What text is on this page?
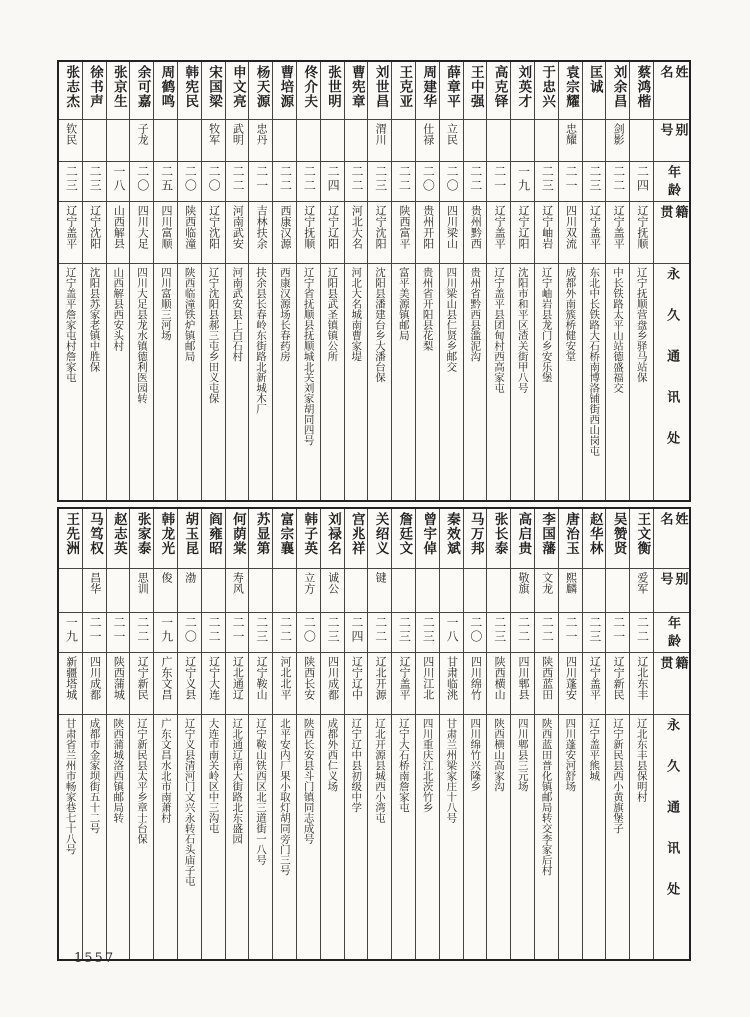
姓名
别号
年龄
籍贯
永久通讯处
蔡鸿楷
二四
辽宁抚顺
辽宁抚顺营盘乡驿马站保
刘余昌
剑影
二二
辽宁盖平
中长铁路太平山站德盛福交
匡诚
二三
辽宁盖平
东北中长铁路大石桥南博洛铺街西山岗屯
袁宗耀
忠耀
二一
四川双流
成都外南簇桥健安堂
于忠兴
二三
辽宁岫岩
辽宁岫岩县龙门乡安乐堡
刘英才
一九
辽宁辽阳
沈阳市和平区渣关街甲八号
高克铎
二一
辽宁盖平
辽宁盖平县团甸村西高家屯
王中强
二二
贵州黔西
贵州省黔西县滥泥沟
薛章平
立民
二〇
四川梁山
四川梁山县仁贤乡邮交
周建华
仕禄
二〇
贵州开阳
贵州省开阳县花梨
王克亚
二二
陕西富平
富平美源镇邮局
刘世昌
渭川
二三
辽宁沈阳
沈阳县潘建台乡大潘台保
曹宪章
二二
河北大名
河北大名城南曹家堤
张世明
二四
辽宁辽阳
辽阳县武圣镇镇公所
佟介夫
二二
辽宁抚顺
辽宁省抚顺县抚顺城北关刘家胡同四号
曹培源
二二
西康汉源
西康汉源场长春药房
杨天源
忠丹
二一
吉林扶余
扶余县长春岭东街路北新城木厂
申文亮
武明
二二
河南武安
河南武安县上白石村
宋国梁
牧军
二〇
辽宁沈阳
辽宁沈阳县郝三屯乡田义屯保
韩宪民
二〇
陕西临潼
陕西临潼铁炉镇邮局
周鹤鸣
二五
四川富顺
四川富顺三河场
余可嘉
子龙
二〇
四川大足
四川大足县龙水镇德利医园转
张京生
一八
山西解县
山西解县西安头村
徐书声
二三
辽宁沈阳
沈阳县苏家老镇中胜保
张志杰
钦民
二三
辽宁盖平
辽宁盖平詹家屯村詹家屯
姓名
别号
年龄
籍贯
永久通讯处
王文衡
爱军
二二
辽北东丰
辽北东丰县保明村
吴赞贤
二一
辽宁新民
辽宁新民县西小黄旗堡子
赵华林
二三
辽宁盖平
辽宁盖平熊城
唐治玉
熙麟
二一
四川蓬安
四川蓬安河舒场
李国藩
文龙
二二
陕西蓝田
陕西蓝田普化镇邮局转交李家后村
高启贵
敬旗
二二
四川郫县
四川郫县三元场
张长泰
二三
陕西横山
陕西横山高家沟
马万邦
二〇
四川绵竹
四川绵竹兴隆乡
秦效斌
一八
甘肃临洮
甘肃兰州梁家庄十八号
曾宇倬
二三
四川江北
四川重庆江北茨竹乡
詹廷文
二三
辽宁盖平
辽宁大石桥南詹家屯
关绍义
键
二二
辽北开源
辽北开源县城西小湾屯
宫兆祥
二四
辽宁辽中
辽宁辽中县初级中学
刘禄名
诚公
二三
四川成都
成都外西仁义场
韩子英
立方
二〇
陕西长安
陕西长安县斗门镇同志成号
富宗襄
二二
河北北平
北平安内厂果小取灯胡同旁门三号
苏显第
二三
辽宁鞍山
辽宁鞍山铁西区北三道街一八号
何荫棠
寿风
二一
辽北通辽
辽北通辽南大街路北东盛园
阎雍昭
二二
辽宁大连
大连市南关岭区中三沟屯
胡玉昆
渤
二〇
辽宁义县
辽宁义县清河门文兴永转石头庙子屯
韩龙光
俊
一九
广东文昌
广东文昌水北市南萧村
张家泰
思训
二二
辽宁新民
辽宁新民县太平乡章士台保
赵志英
二一
陕西蒲城
陕西蒲城洛西镇邮局转
马笃权
昌华
二一
四川成都
成都市金家坝街五十二号
王先洲
一九
新疆塔城
甘肃省兰州市畅家巷七十八号
1557
